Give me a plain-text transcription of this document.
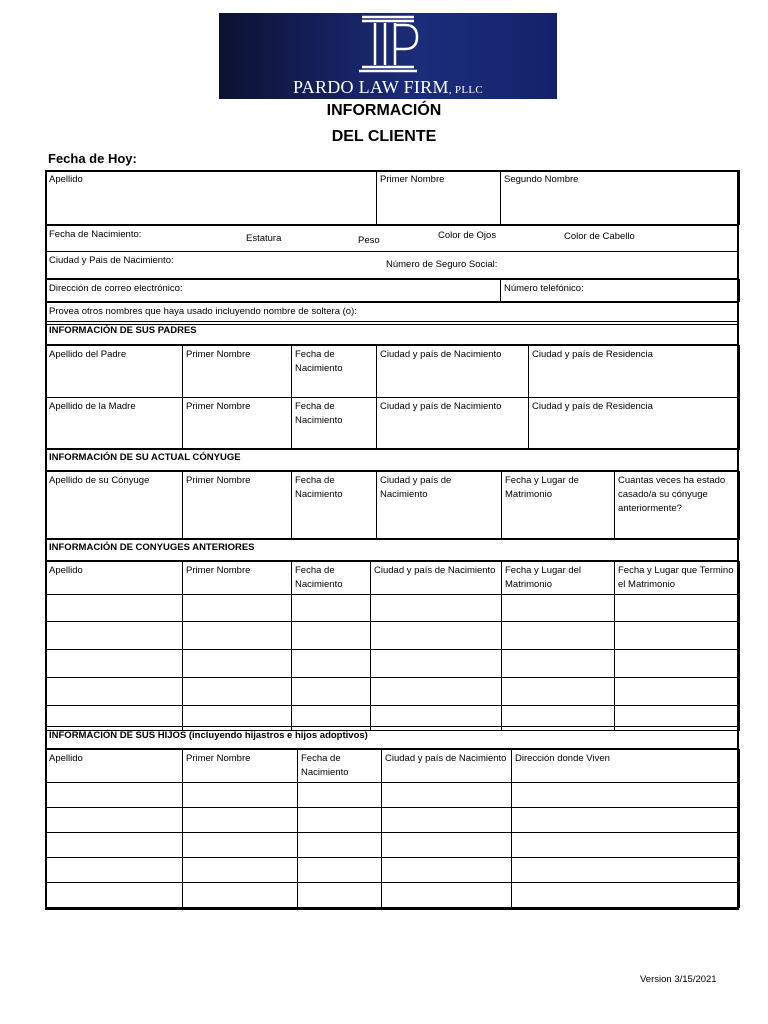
PARDO LAW FIRM, PLLC
INFORMACIÓN
DEL CLIENTE
Fecha de Hoy:
Apellido	Primer Nombre	Segundo Nombre
Fecha de Nacimiento:	Estatura	Peso	Color de Ojos	Color de Cabello

Ciudad y Pais de Nacimiento:	Número de Seguro Social:
Dirección de correo electrónico:	Número telefónico:
Provea otros nombres que haya usado incluyendo nombre de soltera (o):
INFORMACIÓN DE SUS PADRES
Apellido del Padre	Primer Nombre	Fecha de Nacimiento	Ciudad y país de Nacimiento	Ciudad y país de Residencia
Apellido de la Madre	Primer Nombre	Fecha de Nacimiento	Ciudad y país de Nacimiento	Ciudad y país de Residencia
INFORMACIÓN DE SU ACTUAL CÓNYUGE
Apellido de su Cónyuge	Primer Nombre	Fecha de Nacimiento	Ciudad y país de Nacimiento	Fecha y Lugar de Matrimonio	Cuantas veces ha estado casado/a su cónyuge anteriormente?
INFORMACIÓN DE CONYUGES ANTERIORES
Apellido	Primer Nombre	Fecha de Nacimiento	Ciudad y país de Nacimiento	Fecha y Lugar del Matrimonio	Fecha y Lugar que Termino el Matrimonio

INFORMACIÓN DE SUS HIJOS (incluyendo hijastros e hijos adoptivos)
Apellido	Primer Nombre	Fecha de Nacimiento	Ciudad y país de Nacimiento	Dirección donde Viven

Version 3/15/2021
